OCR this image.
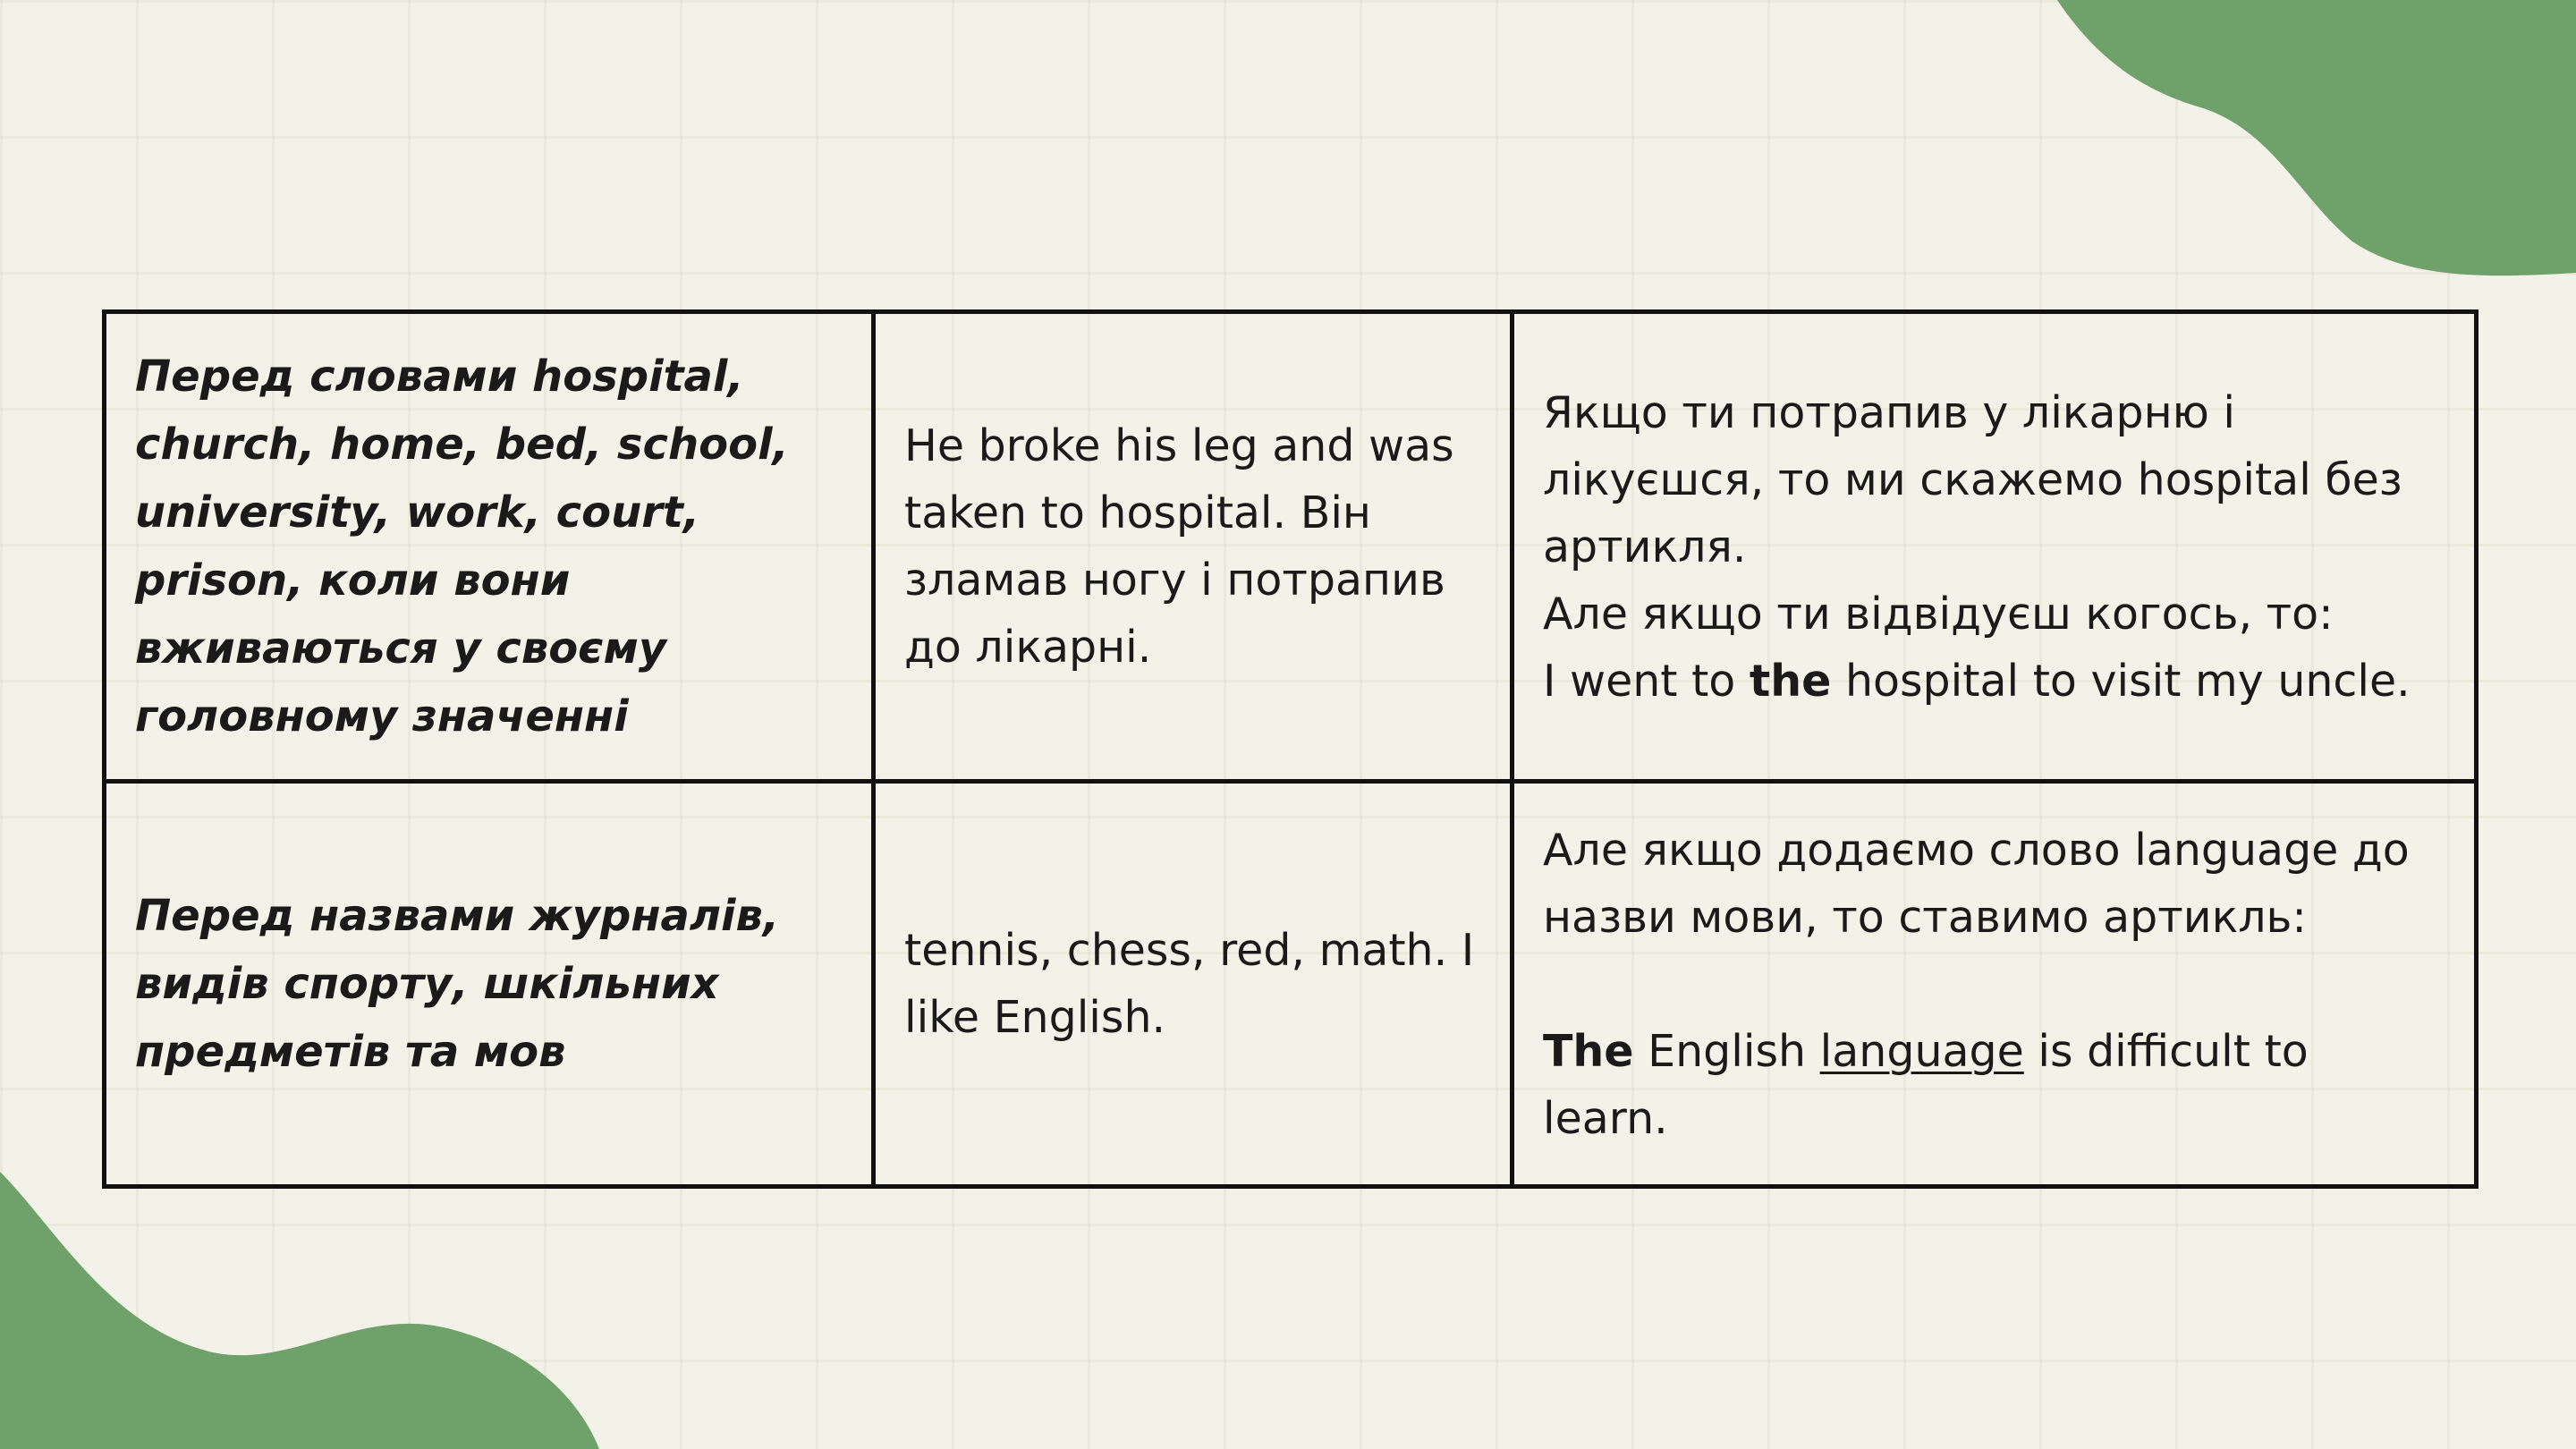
Перед словами hospital, church, home, bed, school, university, work, court, prison, коли вони вживаються у своєму головному значенні	He broke his leg and was taken to hospital. Він зламав ногу і потрапив до лікарні.	Якщо ти потрапив у лікарню і лікуєшся, то ми скажемо hospital без артикля.
Але якщо ти відвідуєш когось, то:
I went to the hospital to visit my uncle.

Перед назвами журналів, видів спорту, шкільних предметів та мов	tennis, chess, red, math. I like English.	Але якщо додаємо слово language до назви мови, то ставимо артикль:
The English language is difficult to learn.
